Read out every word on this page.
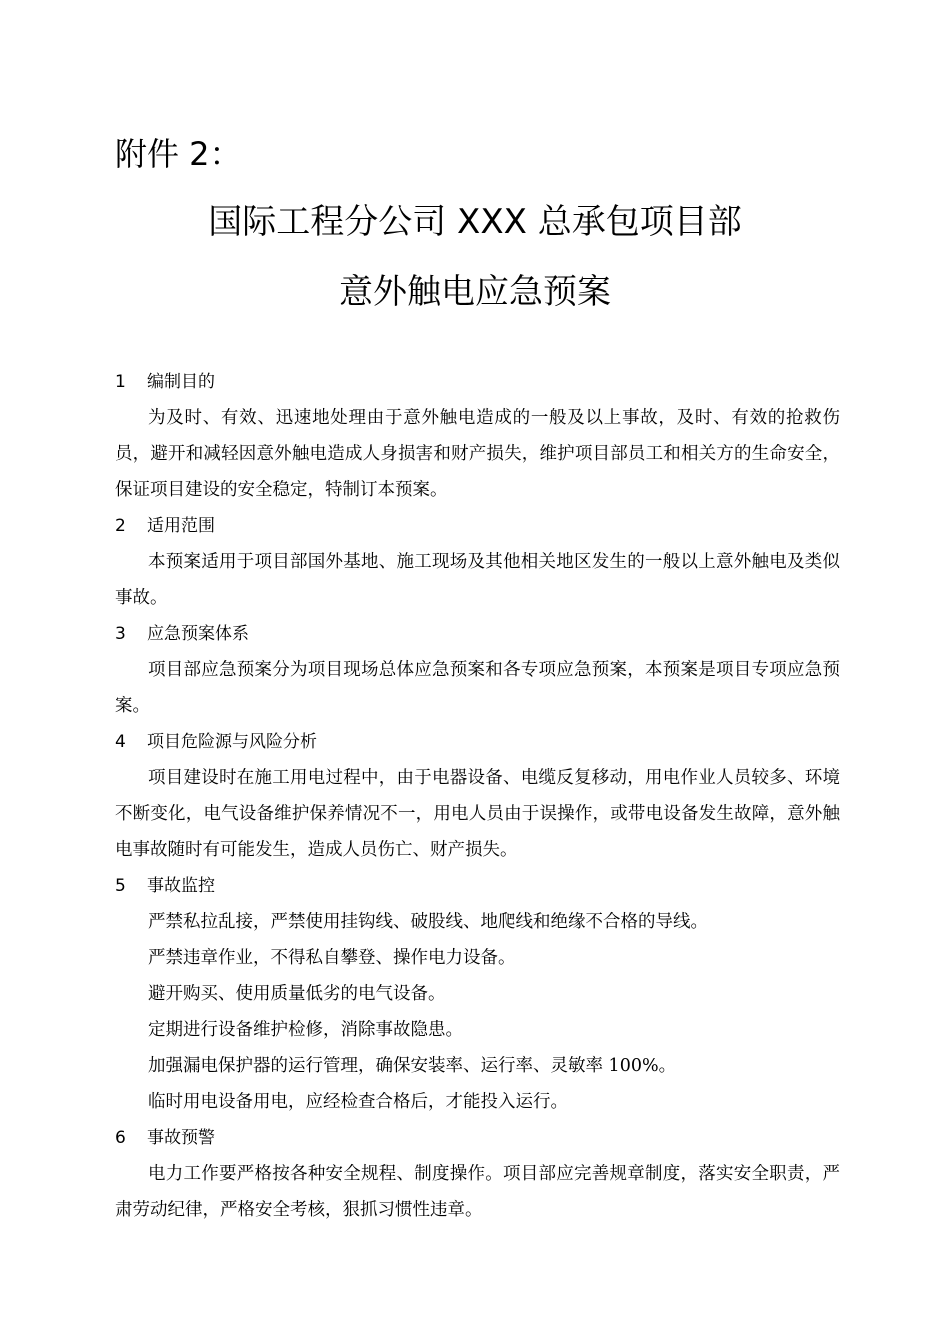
附件 2：
国际工程分公司 XXX 总承包项目部
意外触电应急预案
1 编制目的

为及时、有效、迅速地处理由于意外触电造成的一般及以上事故，及时、有效的抢救伤员，避开和减轻因意外触电造成人身损害和财产损失，维护项目部员工和相关方的生命安全，保证项目建设的安全稳定，特制订本预案。

2 适用范围

本预案适用于项目部国外基地、施工现场及其他相关地区发生的一般以上意外触电及类似事故。

3 应急预案体系

项目部应急预案分为项目现场总体应急预案和各专项应急预案，本预案是项目专项应急预案。

4 项目危险源与风险分析

项目建设时在施工用电过程中，由于电器设备、电缆反复移动，用电作业人员较多、环境不断变化，电气设备维护保养情况不一，用电人员由于误操作，或带电设备发生故障，意外触电事故随时有可能发生，造成人员伤亡、财产损失。

5 事故监控

严禁私拉乱接，严禁使用挂钩线、破股线、地爬线和绝缘不合格的导线。

严禁违章作业，不得私自攀登、操作电力设备。

避开购买、使用质量低劣的电气设备。

定期进行设备维护检修，消除事故隐患。

加强漏电保护器的运行管理，确保安装率、运行率、灵敏率 100%。

临时用电设备用电，应经检查合格后，才能投入运行。

6 事故预警

电力工作要严格按各种安全规程、制度操作。项目部应完善规章制度，落实安全职责，严肃劳动纪律，严格安全考核，狠抓习惯性违章。
